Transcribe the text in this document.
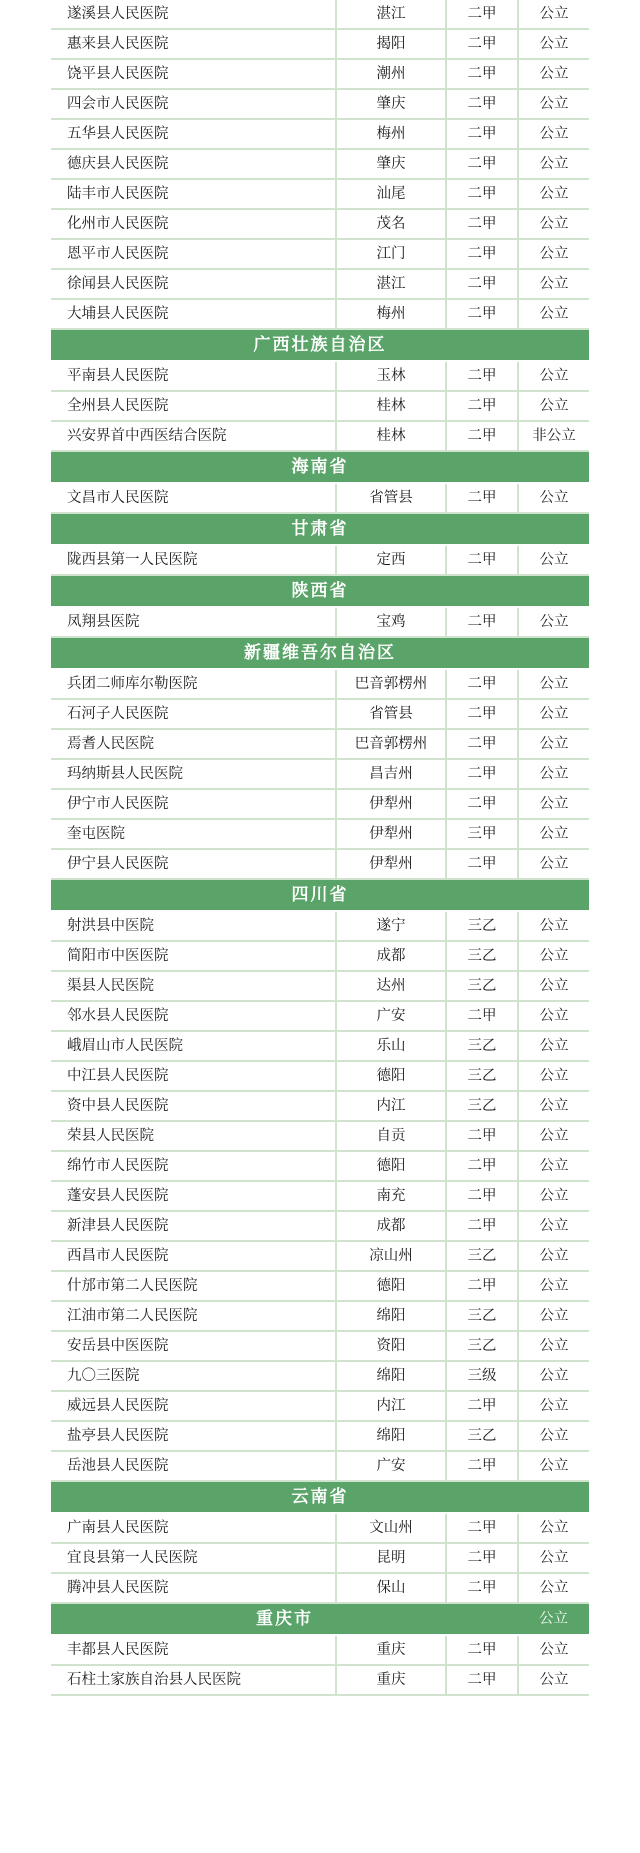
遂溪县人民医院	湛江	二甲	公立
惠来县人民医院	揭阳	二甲	公立
饶平县人民医院	潮州	二甲	公立
四会市人民医院	肇庆	二甲	公立
五华县人民医院	梅州	二甲	公立
德庆县人民医院	肇庆	二甲	公立
陆丰市人民医院	汕尾	二甲	公立
化州市人民医院	茂名	二甲	公立
恩平市人民医院	江门	二甲	公立
徐闻县人民医院	湛江	二甲	公立
大埔县人民医院	梅州	二甲	公立
广西壮族自治区			
平南县人民医院	玉林	二甲	公立
全州县人民医院	桂林	二甲	公立
兴安界首中西医结合医院	桂林	二甲	非公立
海南省			
文昌市人民医院	省管县	二甲	公立
甘肃省			
陇西县第一人民医院	定西	二甲	公立
陕西省			
凤翔县医院	宝鸡	二甲	公立
新疆维吾尔自治区			
兵团二师库尔勒医院	巴音郭楞州	二甲	公立
石河子人民医院	省管县	二甲	公立
焉耆人民医院	巴音郭楞州	二甲	公立
玛纳斯县人民医院	昌吉州	二甲	公立
伊宁市人民医院	伊犁州	二甲	公立
奎屯医院	伊犁州	三甲	公立
伊宁县人民医院	伊犁州	二甲	公立
四川省			
射洪县中医院	遂宁	三乙	公立
简阳市中医医院	成都	三乙	公立
渠县人民医院	达州	三乙	公立
邻水县人民医院	广安	二甲	公立
峨眉山市人民医院	乐山	三乙	公立
中江县人民医院	德阳	三乙	公立
资中县人民医院	内江	三乙	公立
荣县人民医院	自贡	二甲	公立
绵竹市人民医院	德阳	二甲	公立
蓬安县人民医院	南充	二甲	公立
新津县人民医院	成都	二甲	公立
西昌市人民医院	凉山州	三乙	公立
什邡市第二人民医院	德阳	二甲	公立
江油市第二人民医院	绵阳	三乙	公立
安岳县中医医院	资阳	三乙	公立
九〇三医院	绵阳	三级	公立
威远县人民医院	内江	二甲	公立
盐亭县人民医院	绵阳	三乙	公立
岳池县人民医院	广安	二甲	公立
云南省			
广南县人民医院	文山州	二甲	公立
宜良县第一人民医院	昆明	二甲	公立
腾冲县人民医院	保山	二甲	公立
重庆市			公立
丰都县人民医院	重庆	二甲	公立
石柱土家族自治县人民医院	重庆	二甲	公立
